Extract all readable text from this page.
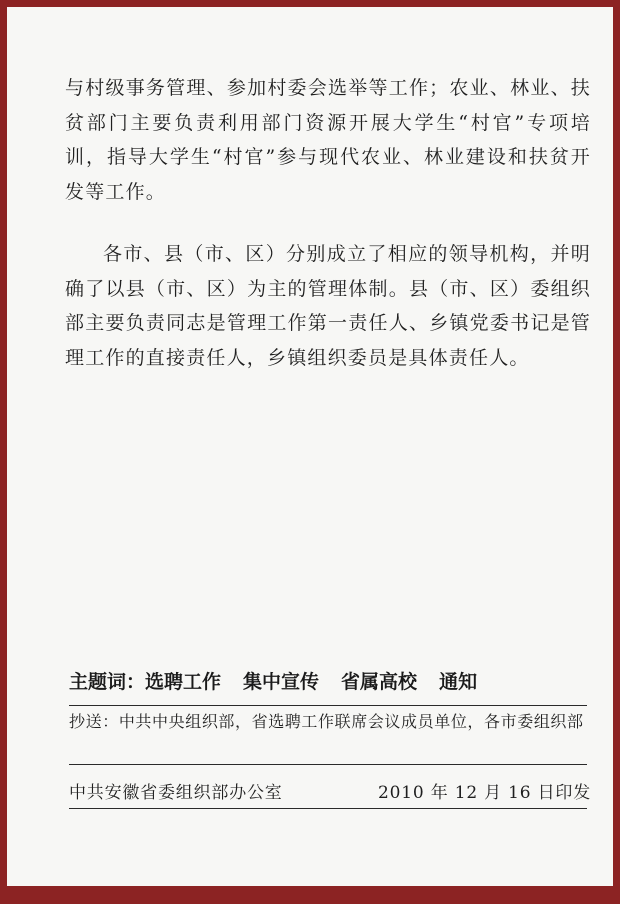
与村级事务管理、参加村委会选举等工作；农业、林业、扶贫部门主要负责利用部门资源开展大学生“村官”专项培训，指导大学生“村官”参与现代农业、林业建设和扶贫开发等工作。

各市、县（市、区）分别成立了相应的领导机构，并明确了以县（市、区）为主的管理体制。县（市、区）委组织部主要负责同志是管理工作第一责任人、乡镇党委书记是管理工作的直接责任人，乡镇组织委员是具体责任人。

主题词：选聘工作 集中宣传 省属高校 通知
抄送：中共中央组织部，省选聘工作联席会议成员单位，各市委组织部
中共安徽省委组织部办公室	2010 年 12 月 16 日印发
